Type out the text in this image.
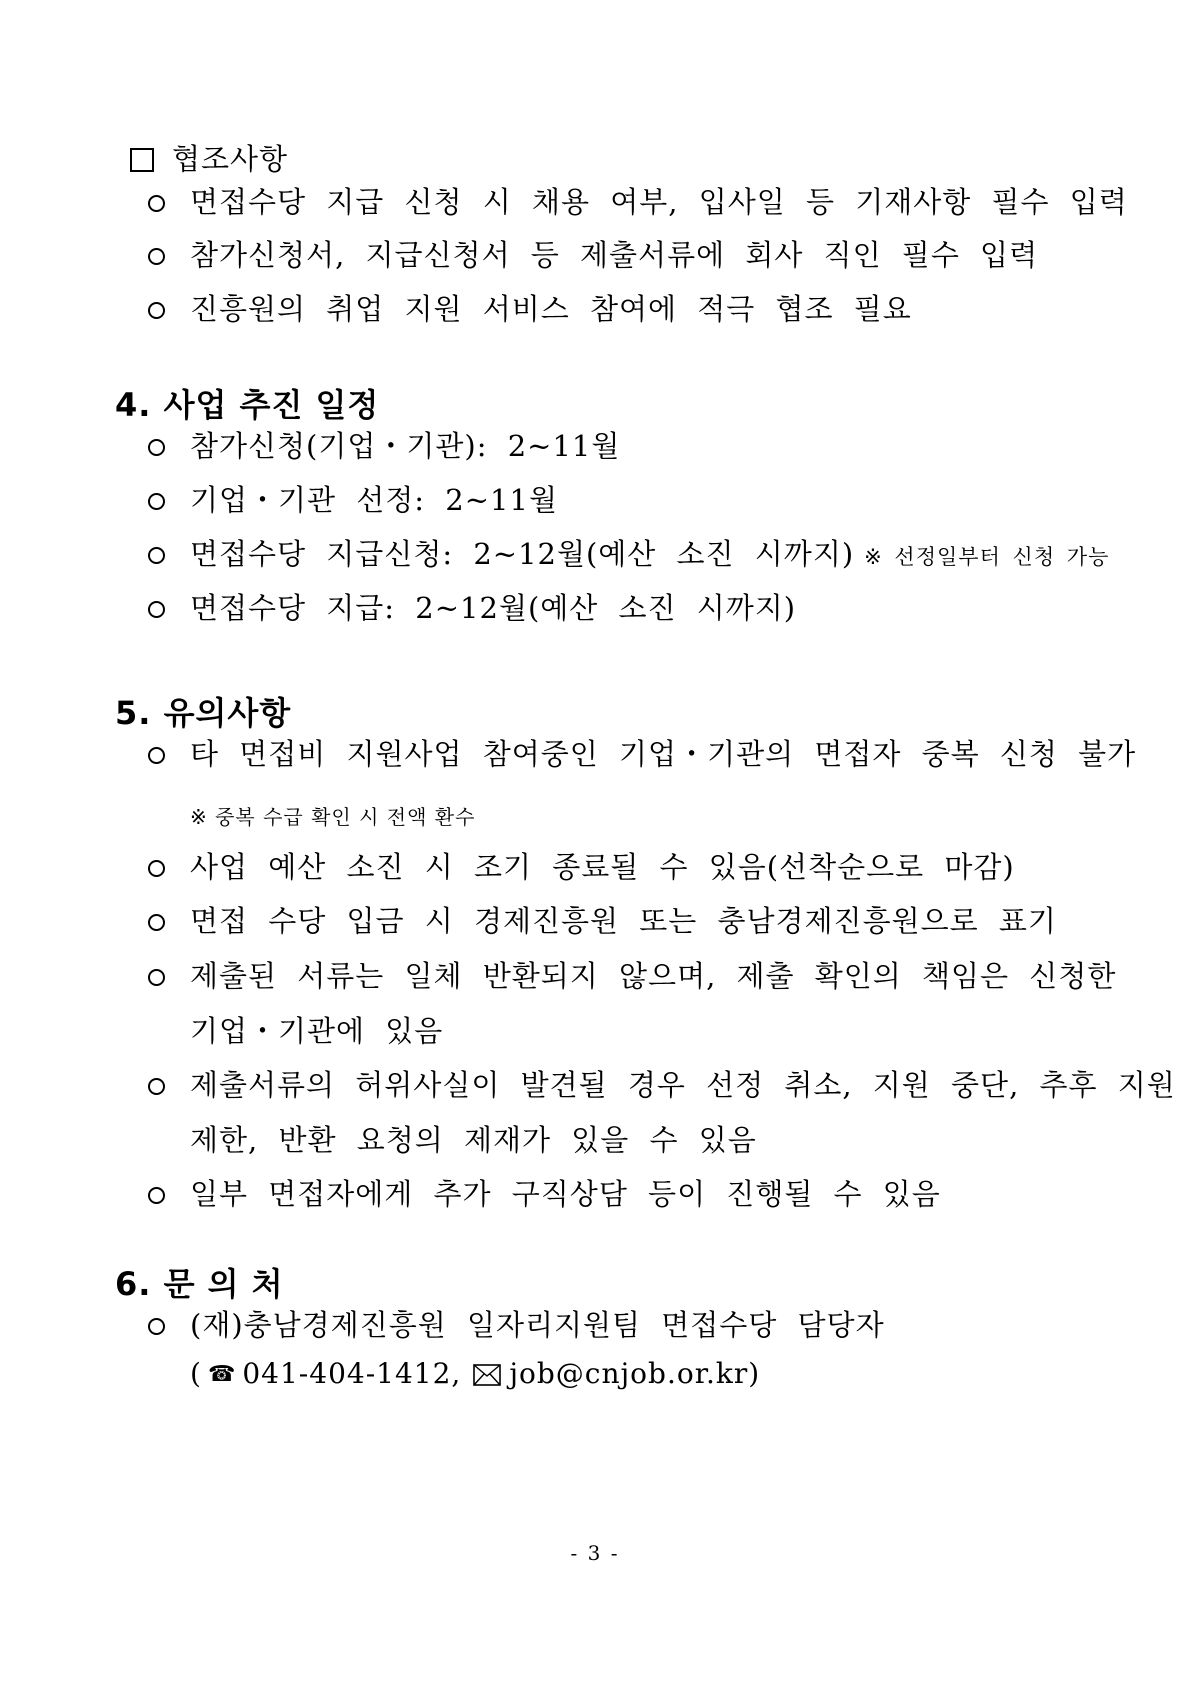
협조사항
면접수당 지급 신청 시 채용 여부, 입사일 등 기재사항 필수 입력
참가신청서, 지급신청서 등 제출서류에 회사 직인 필수 입력
진흥원의 취업 지원 서비스 참여에 적극 협조 필요
4. 사업 추진 일정
참가신청(기업・기관): 2~11월
기업・기관 선정: 2~11월
면접수당 지급신청: 2~12월(예산 소진 시까지) ※ 선정일부터 신청 가능
면접수당 지급: 2~12월(예산 소진 시까지)
5. 유의사항
타 면접비 지원사업 참여중인 기업・기관의 면접자 중복 신청 불가
※ 중복 수급 확인 시 전액 환수
사업 예산 소진 시 조기 종료될 수 있음(선착순으로 마감)
면접 수당 입금 시 경제진흥원 또는 충남경제진흥원으로 표기
제출된 서류는 일체 반환되지 않으며, 제출 확인의 책임은 신청한
기업・기관에 있음
제출서류의 허위사실이 발견될 경우 선정 취소, 지원 중단, 추후 지원
제한, 반환 요청의 제재가 있을 수 있음
일부 면접자에게 추가 구직상담 등이 진행될 수 있음
6. 문 의 처
(재)충남경제진흥원 일자리지원팀 면접수당 담당자
( ☎ 041-404-1412, job@cnjob.or.kr)
- 3 -
